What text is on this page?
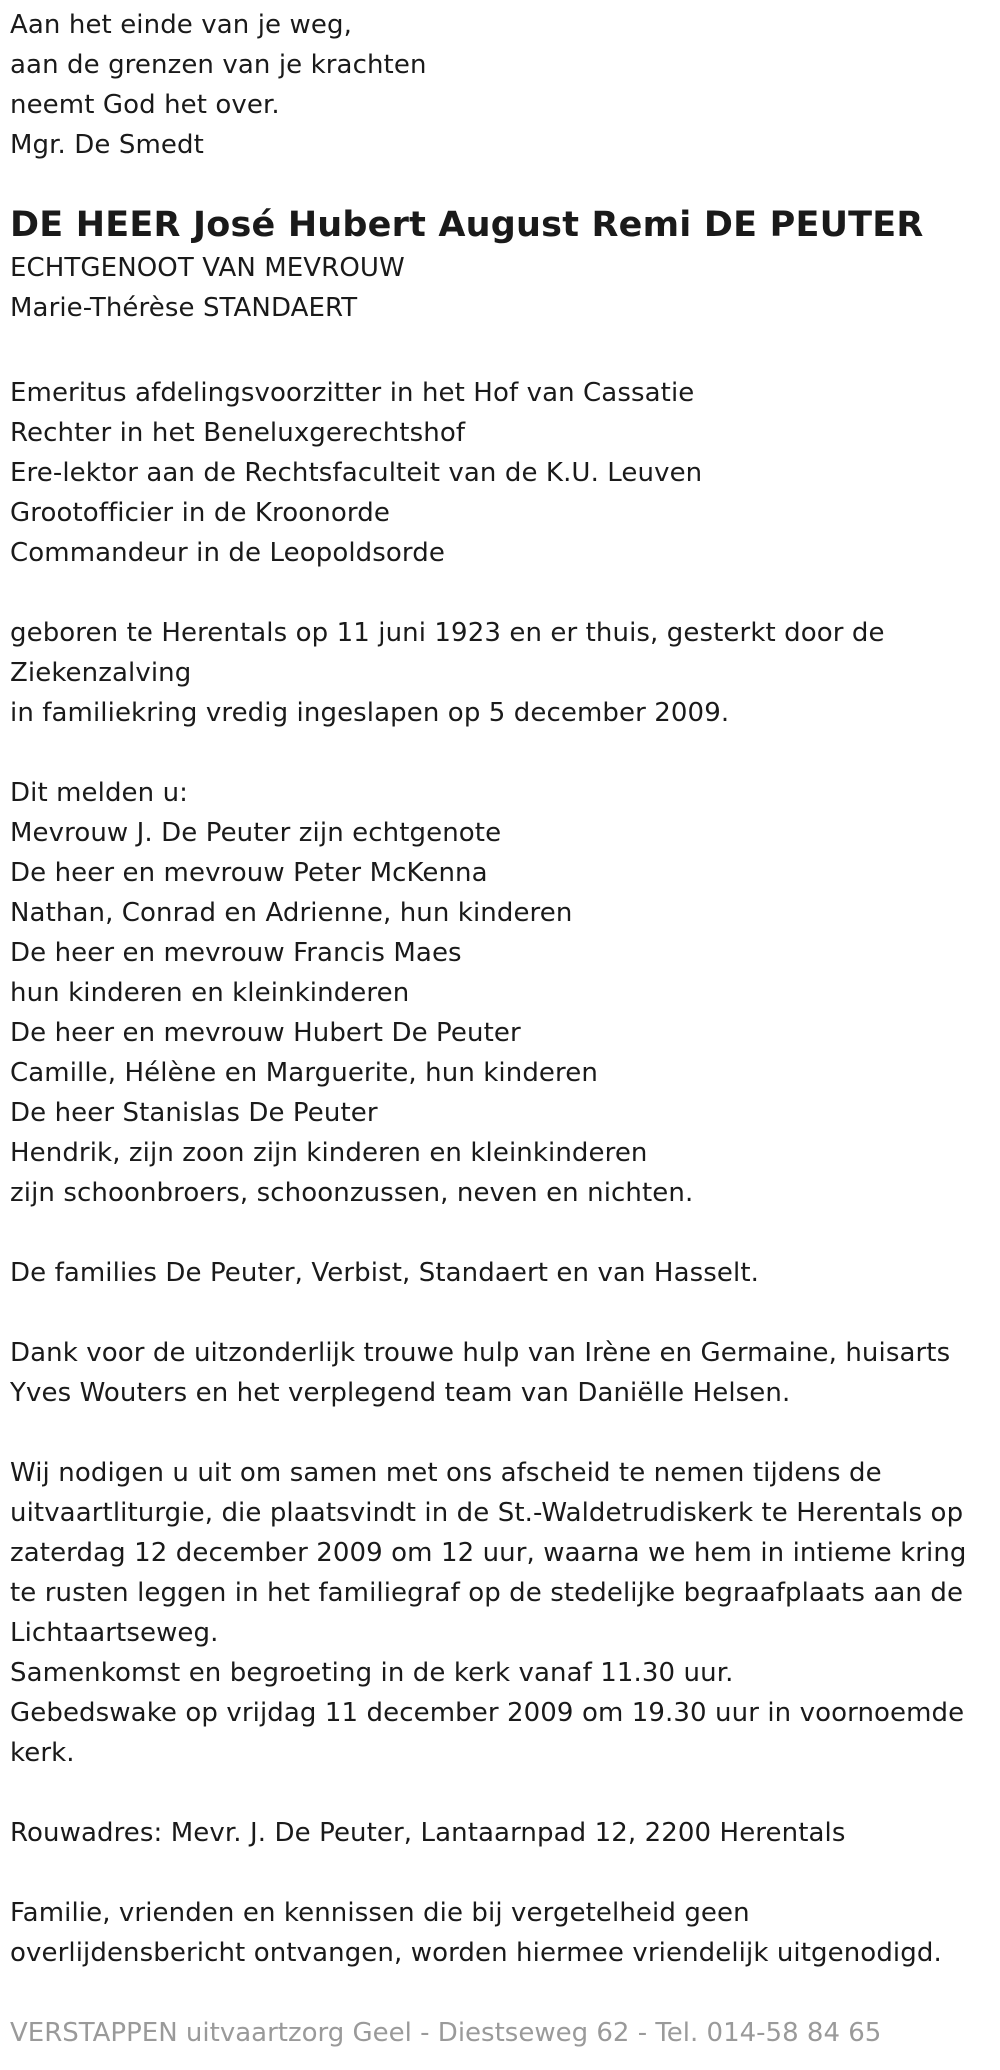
Aan het einde van je weg,
aan de grenzen van je krachten
neemt God het over.
Mgr. De Smedt
DE HEER José Hubert August Remi DE PEUTER
ECHTGENOOT VAN MEVROUW
Marie-Thérèse STANDAERT
Emeritus afdelingsvoorzitter in het Hof van Cassatie
Rechter in het Beneluxgerechtshof
Ere-lektor aan de Rechtsfaculteit van de K.U. Leuven
Grootofficier in de Kroonorde
Commandeur in de Leopoldsorde
geboren te Herentals op 11 juni 1923 en er thuis, gesterkt door de
Ziekenzalving
in familiekring vredig ingeslapen op 5 december 2009.
Dit melden u:
Mevrouw J. De Peuter zijn echtgenote
De heer en mevrouw Peter McKenna
Nathan, Conrad en Adrienne, hun kinderen
De heer en mevrouw Francis Maes
hun kinderen en kleinkinderen
De heer en mevrouw Hubert De Peuter
Camille, Hélène en Marguerite, hun kinderen
De heer Stanislas De Peuter
Hendrik, zijn zoon zijn kinderen en kleinkinderen
zijn schoonbroers, schoonzussen, neven en nichten.
De families De Peuter, Verbist, Standaert en van Hasselt.
Dank voor de uitzonderlijk trouwe hulp van Irène en Germaine, huisarts
Yves Wouters en het verplegend team van Daniëlle Helsen.
Wij nodigen u uit om samen met ons afscheid te nemen tijdens de
uitvaartliturgie, die plaatsvindt in de St.-Waldetrudiskerk te Herentals op
zaterdag 12 december 2009 om 12 uur, waarna we hem in intieme kring
te rusten leggen in het familiegraf op de stedelijke begraafplaats aan de
Lichtaartseweg.
Samenkomst en begroeting in de kerk vanaf 11.30 uur.
Gebedswake op vrijdag 11 december 2009 om 19.30 uur in voornoemde
kerk.
Rouwadres: Mevr. J. De Peuter, Lantaarnpad 12, 2200 Herentals
Familie, vrienden en kennissen die bij vergetelheid geen
overlijdensbericht ontvangen, worden hiermee vriendelijk uitgenodigd.
VERSTAPPEN uitvaartzorg Geel - Diestseweg 62 - Tel. 014-58 84 65
